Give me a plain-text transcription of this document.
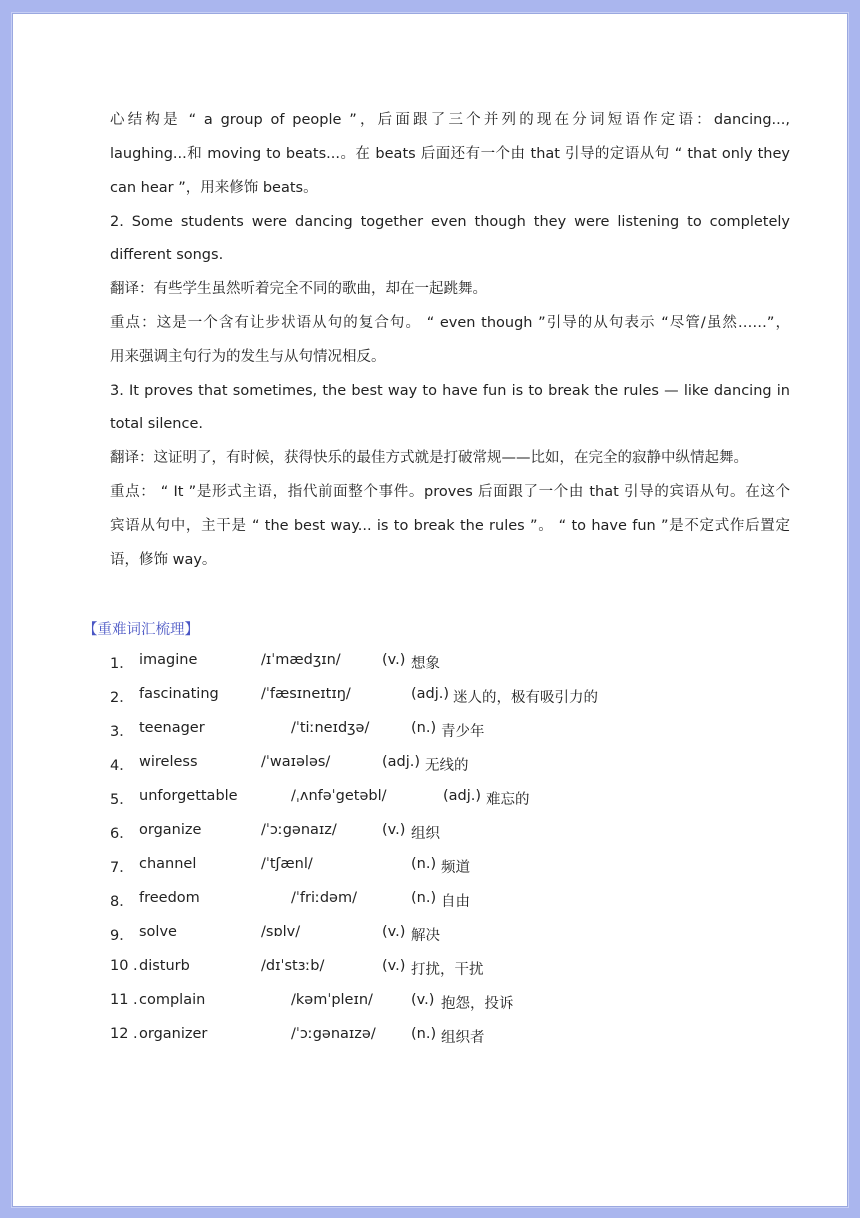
心结构是 “ a group of people ”，后面跟了三个并列的现在分词短语作定语：dancing...,
laughing...和 moving to beats...。在 beats 后面还有一个由 that 引导的定语从句 “ that only they
can hear ”，用来修饰 beats。
2. Some students were dancing together even though they were listening to completely
different songs.
翻译：有些学生虽然听着完全不同的歌曲，却在一起跳舞。
重点：这是一个含有让步状语从句的复合句。 “ even though ”引导的从句表示 “尽管/虽然……”，
用来强调主句行为的发生与从句情况相反。
3. It proves that sometimes, the best way to have fun is to break the rules — like dancing in
total silence.
翻译：这证明了，有时候，获得快乐的最佳方式就是打破常规——比如，在完全的寂静中纵情起舞。
重点： “ It ”是形式主语，指代前面整个事件。proves 后面跟了一个由 that 引导的宾语从句。在这个
宾语从句中，主干是 “ the best way... is to break the rules ”。 “ to have fun ”是不定式作后置定
语，修饰 way。
【重难词汇梳理】
1． imagine	/ɪˈmædʒɪn/	(v.) 想象
2． fascinating	/ˈfæsɪneɪtɪŋ/	(adj.) 迷人的，极有吸引力的
3． teenager	/ˈtiːneɪdʒə/	(n.) 青少年
4． wireless	/ˈwaɪələs/	(adj.) 无线的
5． unforgettable	/ˌʌnfəˈgetəbl/	(adj.) 难忘的
6． organize	/ˈɔːgənaɪz/	(v.) 组织
7． channel	/ˈtʃænl/	(n.) 频道
8． freedom	/ˈfriːdəm/	(n.) 自由
9． solve	/sɒlv/	(v.) 解决
10 . disturb	/dɪˈstɜːb/	(v.) 打扰，干扰
11 . complain	/kəmˈpleɪn/	(v.) 抱怨，投诉
12 . organizer	/ˈɔːgənaɪzə/ (n.) 组织者
